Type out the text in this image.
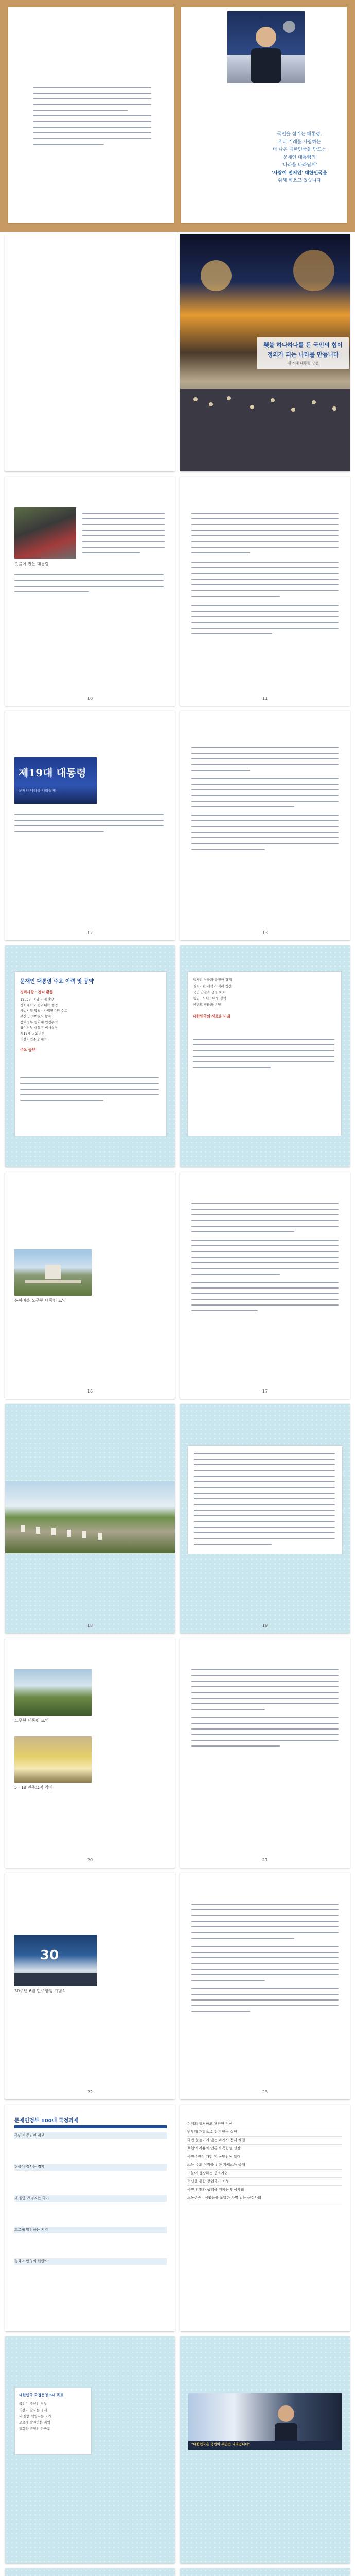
국민을 섬기는 대통령,
우리 겨레를 사랑하는
더 나은 대한민국을 만드는
문재인 대통령의
'나라를 나라답게'
'사람이 먼저인' 대한민국을
위해 힘쓰고 있습니다
횃불 하나하나를 든 국민의 힘이
정의가 되는 나라를 만듭니다
제19대 대통령 당선
촛불이 만든 대통령
10	11
제19대 대통령
문재인 나라를 나라답게
12	13
문재인 대통령 주요 이력 및 공약
경력사항 · 정치 활동
1953년 경남 거제 출생
경희대학교 법과대학 졸업
사법시험 합격 · 사법연수원 수료
부산 인권변호사 활동
참여정부 청와대 민정수석
참여정부 대통령 비서실장
제19대 국회의원
더불어민주당 대표
주요 공약
일자리 창출과 공정한 경제
권력기관 개혁과 적폐 청산
국민 안전과 생명 보호
청년 · 노년 · 여성 정책
한반도 평화와 번영
대한민국의 새로운 미래
봉하마을 노무현 대통령 묘역
16	17
18	19
노무현 대통령 묘역
5 · 18 민주묘지 참배
20	21
30
30주년 6월 민주항쟁 기념식
22	23
문재인정부 100대 국정과제
국민이 주인인 정부
더불어 잘사는 경제
내 삶을 책임지는 국가
고르게 발전하는 지역
평화와 번영의 한반도
적폐의 철저하고 완전한 청산
반부패 개혁으로 청렴 한국 실현
국민 눈높이에 맞는 과거사 문제 해결
표현의 자유와 언론의 독립성 신장
국민주권적 개헌 및 국민참여 확대
소득 주도 성장을 위한 가계소득 증대
더불어 성장하는 중소기업
혁신을 통한 창업국가 조성
국민 안전과 생명을 지키는 안심사회
노동존중 · 성평등을 포함한 차별 없는 공정사회
대한민국 국정운영 5대 목표
국민이 주인인 정부
더불어 잘사는 경제
내 삶을 책임지는 국가
고르게 발전하는 지역
평화와 번영의 한반도
"대한민국은 국민이 주인인 나라입니다"
